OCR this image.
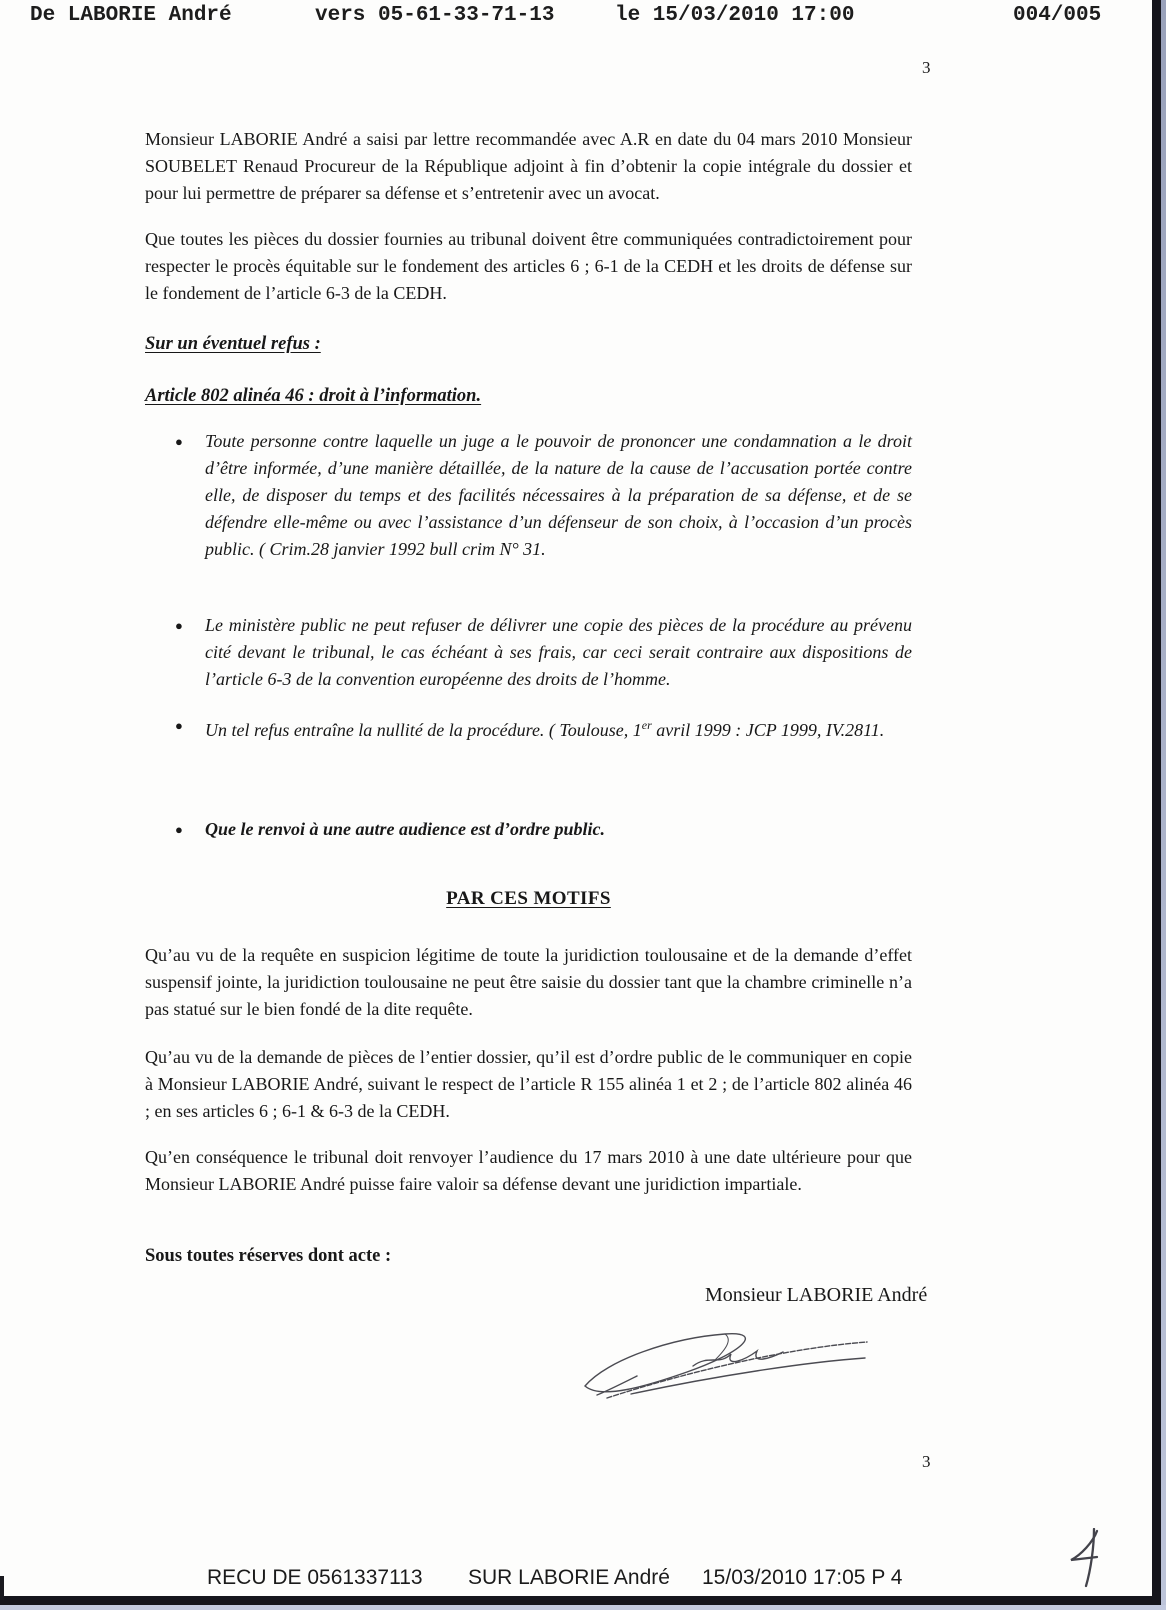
De LABORIE André	vers 05-61-33-71-13	le 15/03/2010 17:00	004/005
3
Monsieur LABORIE André a saisi par lettre recommandée avec A.R en date du 04 mars 2010 Monsieur SOUBELET Renaud Procureur de la République adjoint à fin d’obtenir la copie intégrale du dossier et pour lui permettre de préparer sa défense et s’entretenir avec un avocat.
Que toutes les pièces du dossier fournies au tribunal doivent être communiquées contradictoirement pour respecter le procès équitable sur le fondement des articles 6 ; 6-1 de la CEDH et les droits de défense sur le fondement de l’article 6-3 de la CEDH.
Sur un éventuel refus :
Article 802 alinéa 46 : droit à l’information.
● Toute personne contre laquelle un juge a le pouvoir de prononcer une condamnation a le droit d’être informée, d’une manière détaillée, de la nature de la cause de l’accusation portée contre elle, de disposer du temps et des facilités nécessaires à la préparation de sa défense, et de se défendre elle-même ou avec l’assistance d’un défenseur de son choix, à l’occasion d’un procès public. ( Crim.28 janvier 1992 bull crim N° 31.
● Le ministère public ne peut refuser de délivrer une copie des pièces de la procédure au prévenu cité devant le tribunal, le cas échéant à ses frais, car ceci serait contraire aux dispositions de l’article 6-3 de la convention européenne des droits de l’homme.
● Un tel refus entraîne la nullité de la procédure. ( Toulouse, 1er avril 1999 : JCP 1999, IV.2811.
● Que le renvoi à une autre audience est d’ordre public.
PAR CES MOTIFS
Qu’au vu de la requête en suspicion légitime de toute la juridiction toulousaine et de la demande d’effet suspensif jointe, la juridiction toulousaine ne peut être saisie du dossier tant que la chambre criminelle n’a pas statué sur le bien fondé de la dite requête.
Qu’au vu de la demande de pièces de l’entier dossier, qu’il est d’ordre public de le communiquer en copie à Monsieur LABORIE André, suivant le respect de l’article R 155 alinéa 1 et 2 ; de l’article 802 alinéa 46 ; en ses articles 6 ; 6-1 & 6-3 de la CEDH.
Qu’en conséquence le tribunal doit renvoyer l’audience du 17 mars 2010 à une date ultérieure pour que Monsieur LABORIE André puisse faire valoir sa défense devant une juridiction impartiale.
Sous toutes réserves dont acte :
Monsieur LABORIE André
3
RECU DE 0561337113 SUR LABORIE André 15/03/2010 17:05 P 4
